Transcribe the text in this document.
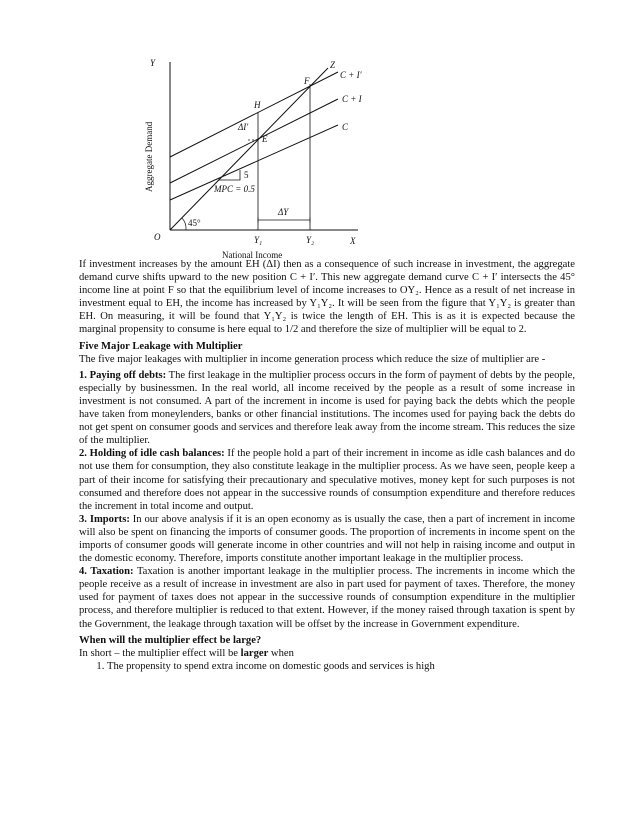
Y
X
O
Aggregate Demand
National Income
Z
C + I′
C + I
C
F
H
E
ΔI′
5
MPC = 0.5
45°
ΔY
Y₁	Y₂

If investment increases by the amount EH (ΔI) then as a consequence of such increase in investment, the aggregate demand curve shifts upward to the new position C + I′. This new aggregate demand curve C + I′ intersects the 45° income line at point F so that the equilibrium level of income increases to OY₂. Hence as a result of net increase in investment equal to EH, the income has increased by Y₁Y₂. It will be seen from the figure that Y₁Y₂ is greater than EH. On measuring, it will be found that Y₁Y₂ is twice the length of EH. This is as it is expected because the marginal propensity to consume is here equal to 1/2 and therefore the size of multiplier will be equal to 2.

Five Major Leakage with Multiplier

The five major leakages with multiplier in income generation process which reduce the size of multiplier are -

1. Paying off debts: The first leakage in the multiplier process occurs in the form of payment of debts by the people, especially by businessmen. In the real world, all income received by the people as a result of some increase in investment is not consumed. A part of the increment in income is used for paying back the debts which the people have taken from moneylenders, banks or other financial institutions. The incomes used for paying back the debts do not get spent on consumer goods and services and therefore leak away from the income stream. This reduces the size of the multiplier.

2. Holding of idle cash balances: If the people hold a part of their increment in income as idle cash balances and do not use them for consumption, they also constitute leakage in the multiplier process. As we have seen, people keep a part of their income for satisfying their precautionary and speculative motives, money kept for such purposes is not consumed and therefore does not appear in the successive rounds of consumption expenditure and therefore reduces the increment in total income and output.

3. Imports: In our above analysis if it is an open economy as is usually the case, then a part of increment in income will also be spent on financing the imports of consumer goods. The proportion of increments in income spent on the imports of consumer goods will generate income in other countries and will not help in raising income and output in the domestic economy. Therefore, imports constitute another important leakage in the multiplier process.

4. Taxation: Taxation is another important leakage in the multiplier process. The increments in income which the people receive as a result of increase in investment are also in part used for payment of taxes. Therefore, the money used for payment of taxes does not appear in the successive rounds of consumption expenditure in the multiplier process, and therefore multiplier is reduced to that extent. However, if the money raised through taxation is spent by the Government, the leakage through taxation will be offset by the increase in Government expenditure.

When will the multiplier effect be large?

In short – the multiplier effect will be larger when

1. The propensity to spend extra income on domestic goods and services is high
